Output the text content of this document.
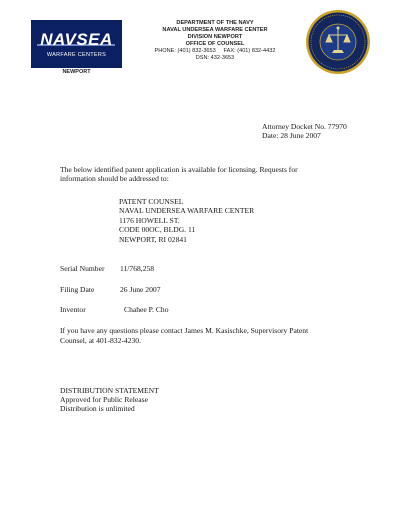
NAVSEA
WARFARE CENTERS
NEWPORT
DEPARTMENT OF THE NAVY
NAVAL UNDERSEA WARFARE CENTER
DIVISION NEWPORT
OFFICE OF COUNSEL
PHONE: (401) 832-3653     FAX: (401) 832-4432
DSN: 432-3653
Attorney Docket No. 77970
Date: 28 June 2007
The below identified patent application is available for licensing. Requests for
information should be addressed to:
PATENT COUNSEL
NAVAL UNDERSEA WARFARE CENTER
1176 HOWELL ST.
CODE 00OC, BLDG. 11
NEWPORT, RI 02841
Serial Number 11/768,258
Filing Date	26 June 2007
Inventor	Chahee P. Cho
If you have any questions please contact James M. Kasischke, Supervisory Patent
Counsel, at 401-832-4230.
DISTRIBUTION STATEMENT
Approved for Public Release
Distribution is unlimited
